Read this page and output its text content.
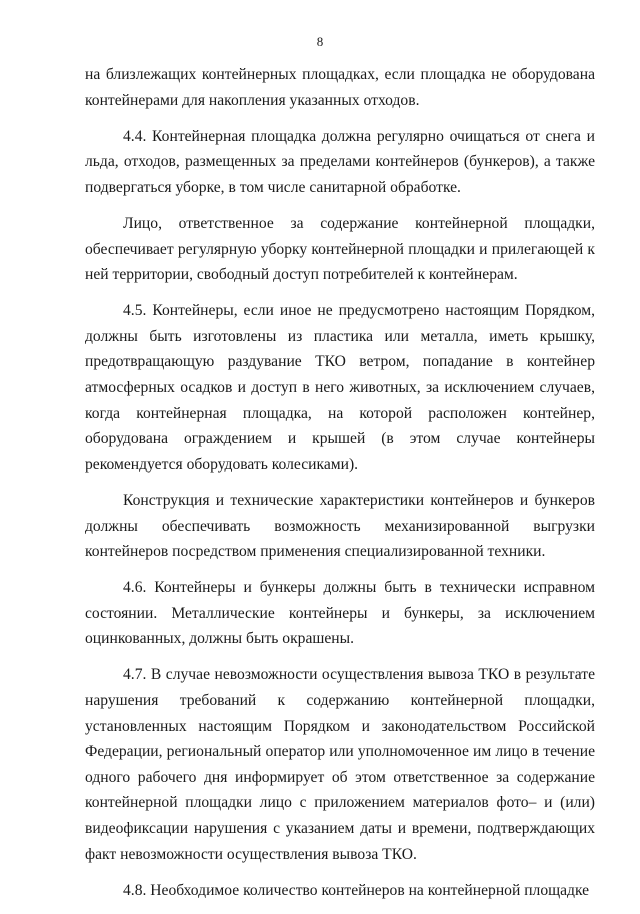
8

на близлежащих контейнерных площадках, если площадка не оборудована контейнерами для накопления указанных отходов.

4.4. Контейнерная площадка должна регулярно очищаться от снега и льда, отходов, размещенных за пределами контейнеров (бункеров), а также подвергаться уборке, в том числе санитарной обработке.

Лицо, ответственное за содержание контейнерной площадки, обеспечивает регулярную уборку контейнерной площадки и прилегающей к ней территории, свободный доступ потребителей к контейнерам.

4.5. Контейнеры, если иное не предусмотрено настоящим Порядком, должны быть изготовлены из пластика или металла, иметь крышку, предотвращающую раздувание ТКО ветром, попадание в контейнер атмосферных осадков и доступ в него животных, за исключением случаев, когда контейнерная площадка, на которой расположен контейнер, оборудована ограждением и крышей (в этом случае контейнеры рекомендуется оборудовать колесиками).

Конструкция и технические характеристики контейнеров и бункеров должны обеспечивать возможность механизированной выгрузки контейнеров посредством применения специализированной техники.

4.6. Контейнеры и бункеры должны быть в технически исправном состоянии. Металлические контейнеры и бункеры, за исключением оцинкованных, должны быть окрашены.

4.7. В случае невозможности осуществления вывоза ТКО в результате нарушения требований к содержанию контейнерной площадки, установленных настоящим Порядком и законодательством Российской Федерации, региональный оператор или уполномоченное им лицо в течение одного рабочего дня информирует об этом ответственное за содержание контейнерной площадки лицо с приложением материалов фото– и (или) видеофиксации нарушения с указанием даты и времени, подтверждающих факт невозможности осуществления вывоза ТКО.

4.8. Необходимое количество контейнеров на контейнерной площадке
